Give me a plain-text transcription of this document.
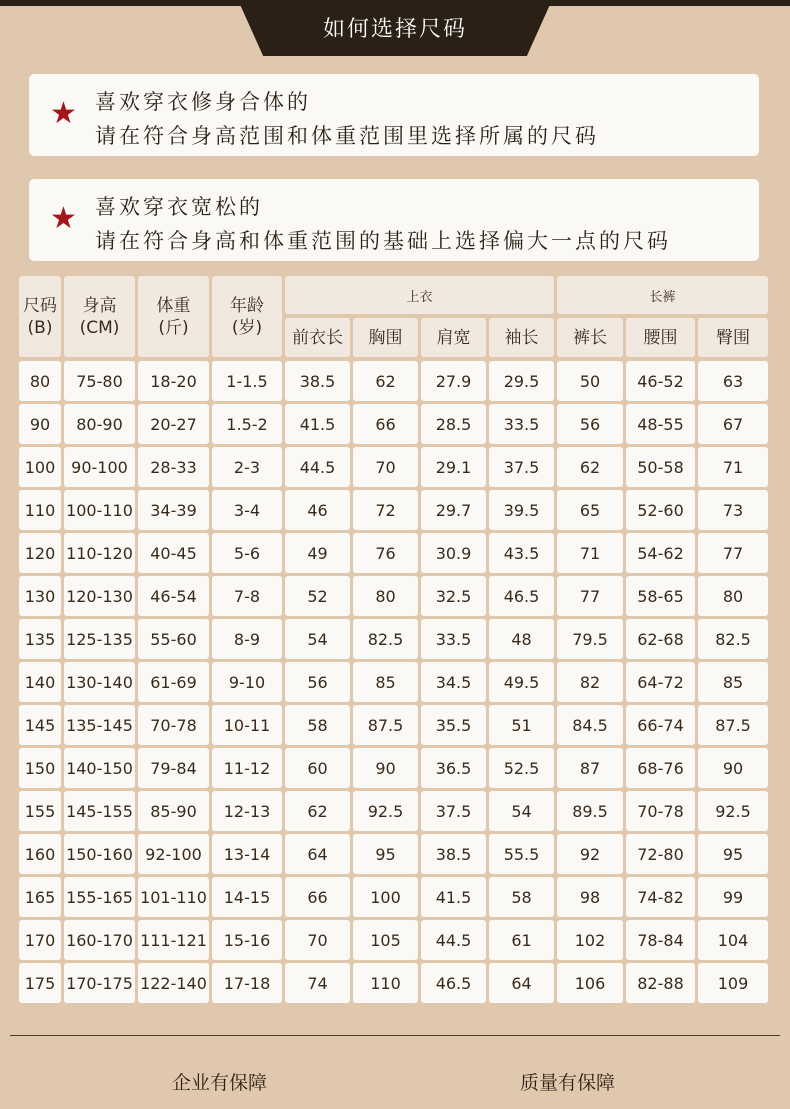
如何选择尺码
★ 喜欢穿衣修身合体的
请在符合身高范围和体重范围里选择所属的尺码
★ 喜欢穿衣宽松的
请在符合身高和体重范围的基础上选择偏大一点的尺码
尺码
(B)
身高
(CM)
体重
(斤)
年龄
(岁)
上衣	长裤
前衣长	胸围	肩宽	袖长	裤长	腰围	臀围
80	75-80	18-20	1-1.5	38.5	62	27.9	29.5	50	46-52	63
90	80-90	20-27	1.5-2	41.5	66	28.5	33.5	56	48-55	67
100 90-100	28-33	2-3	44.5	70	29.1	37.5	62	50-58	71
110 100-110	34-39	3-4	46	72	29.7	39.5	65	52-60	73
120 110-120	40-45	5-6	49	76	30.9	43.5	71	54-62	77
130 120-130	46-54	7-8	52	80	32.5	46.5	77	58-65	80
135 125-135	55-60	8-9	54	82.5	33.5	48	79.5	62-68	82.5
140 130-140	61-69	9-10	56	85	34.5	49.5	82	64-72	85
145 135-145	70-78	10-11	58	87.5	35.5	51	84.5	66-74	87.5
150 140-150	79-84	11-12	60	90	36.5	52.5	87	68-76	90
155 145-155	85-90	12-13	62	92.5	37.5	54	89.5	70-78	92.5
160 150-160 92-100	13-14	64	95	38.5	55.5	92	72-80	95
165 155-165 101-110	14-15	66	100	41.5	58	98	74-82	99
170 160-170 111-121	15-16	70	105	44.5	61	102	78-84	104
175 170-175 122-140	17-18	74	110	46.5	64	106	82-88	109
企业有保障	质量有保障
